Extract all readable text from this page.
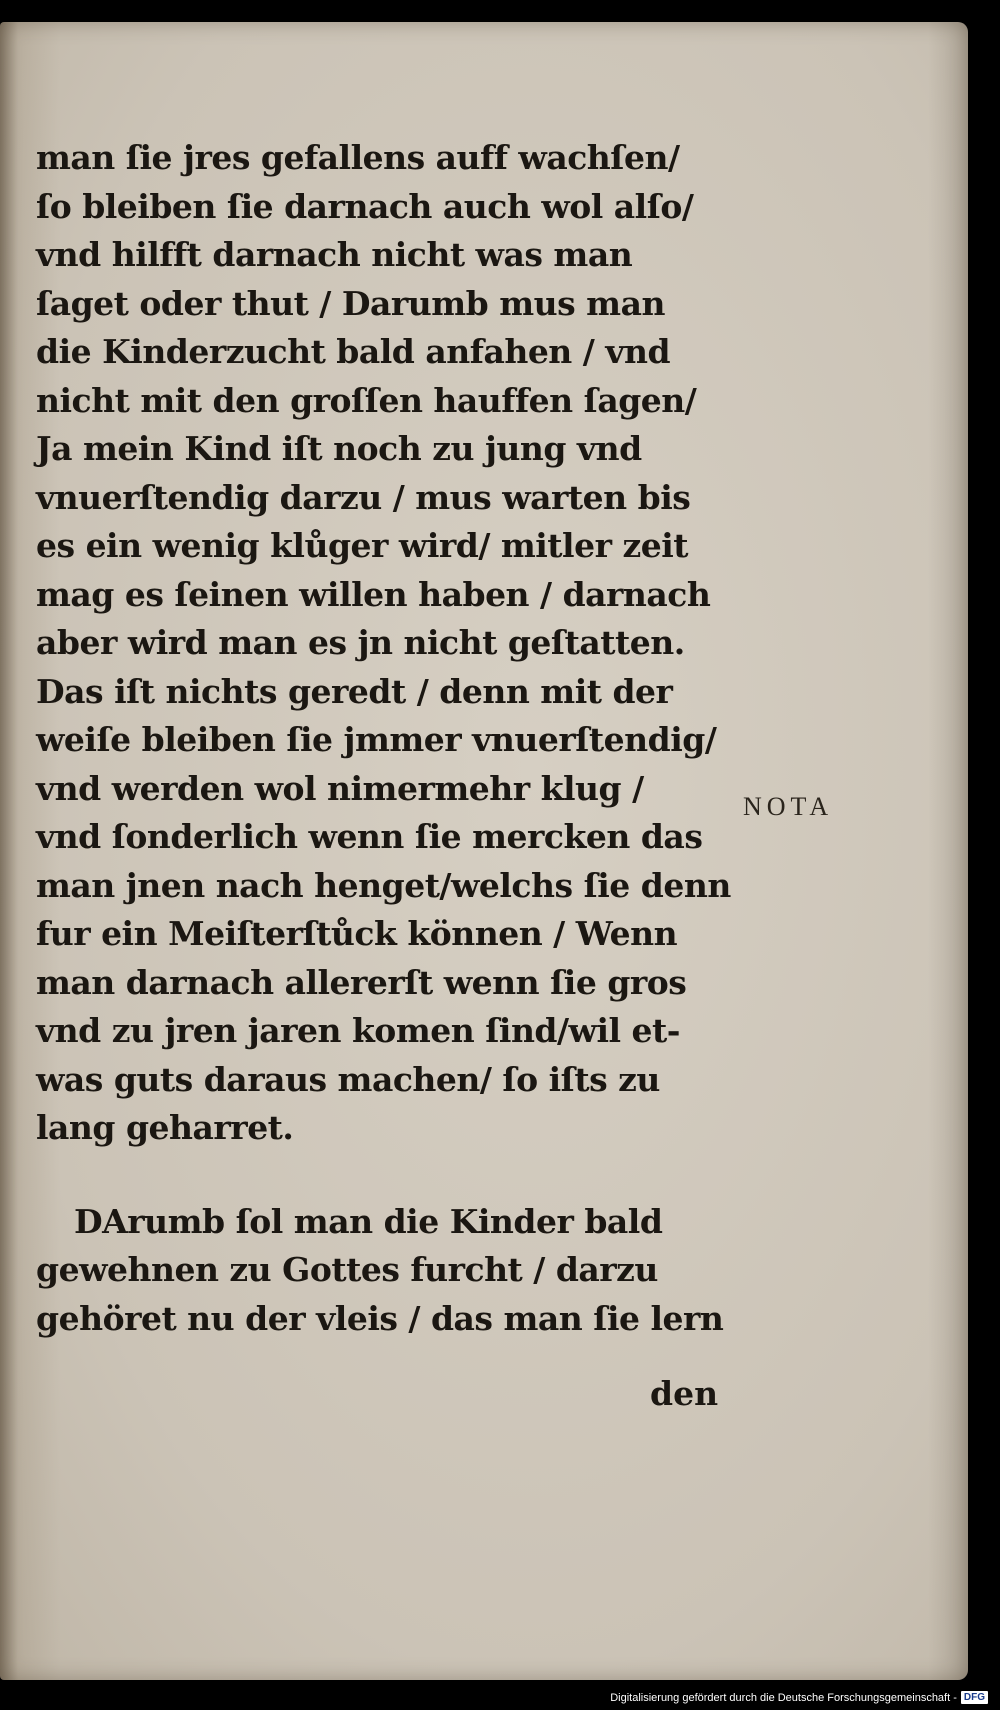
man ſie jres gefallens auff wachſen/
ſo bleiben ſie darnach auch wol alſo/
vnd hilfft darnach nicht was man
ſaget oder thut / Darumb mus man
die Kinderzucht bald anfahen / vnd
nicht mit den groſſen hauffen ſagen/
Ja mein Kind iſt noch zu jung vnd
vnuerſtendig darzu / mus warten bis
es ein wenig klůger wird/ mitler zeit
mag es ſeinen willen haben / darnach
aber wird man es jn nicht geſtatten.
Das iſt nichts geredt / denn mit der
weiſe bleiben ſie jmmer vnuerſtendig/
vnd werden wol nimermehr klug /
vnd ſonderlich wenn ſie mercken das
man jnen nach henget/welchs ſie denn
fur ein Meiſterſtůck können / Wenn
man darnach allererſt wenn ſie gros
vnd zu jren jaren komen ſind/wil et-
was guts daraus machen/ ſo iſts zu
lang geharret.
DArumb ſol man die Kinder bald
gewehnen zu Gottes furcht / darzu
gehöret nu der vleis / das man ſie lern
NOTA
den
Digitalisierung gefördert durch die Deutsche Forschungsgemeinschaft - DFG
